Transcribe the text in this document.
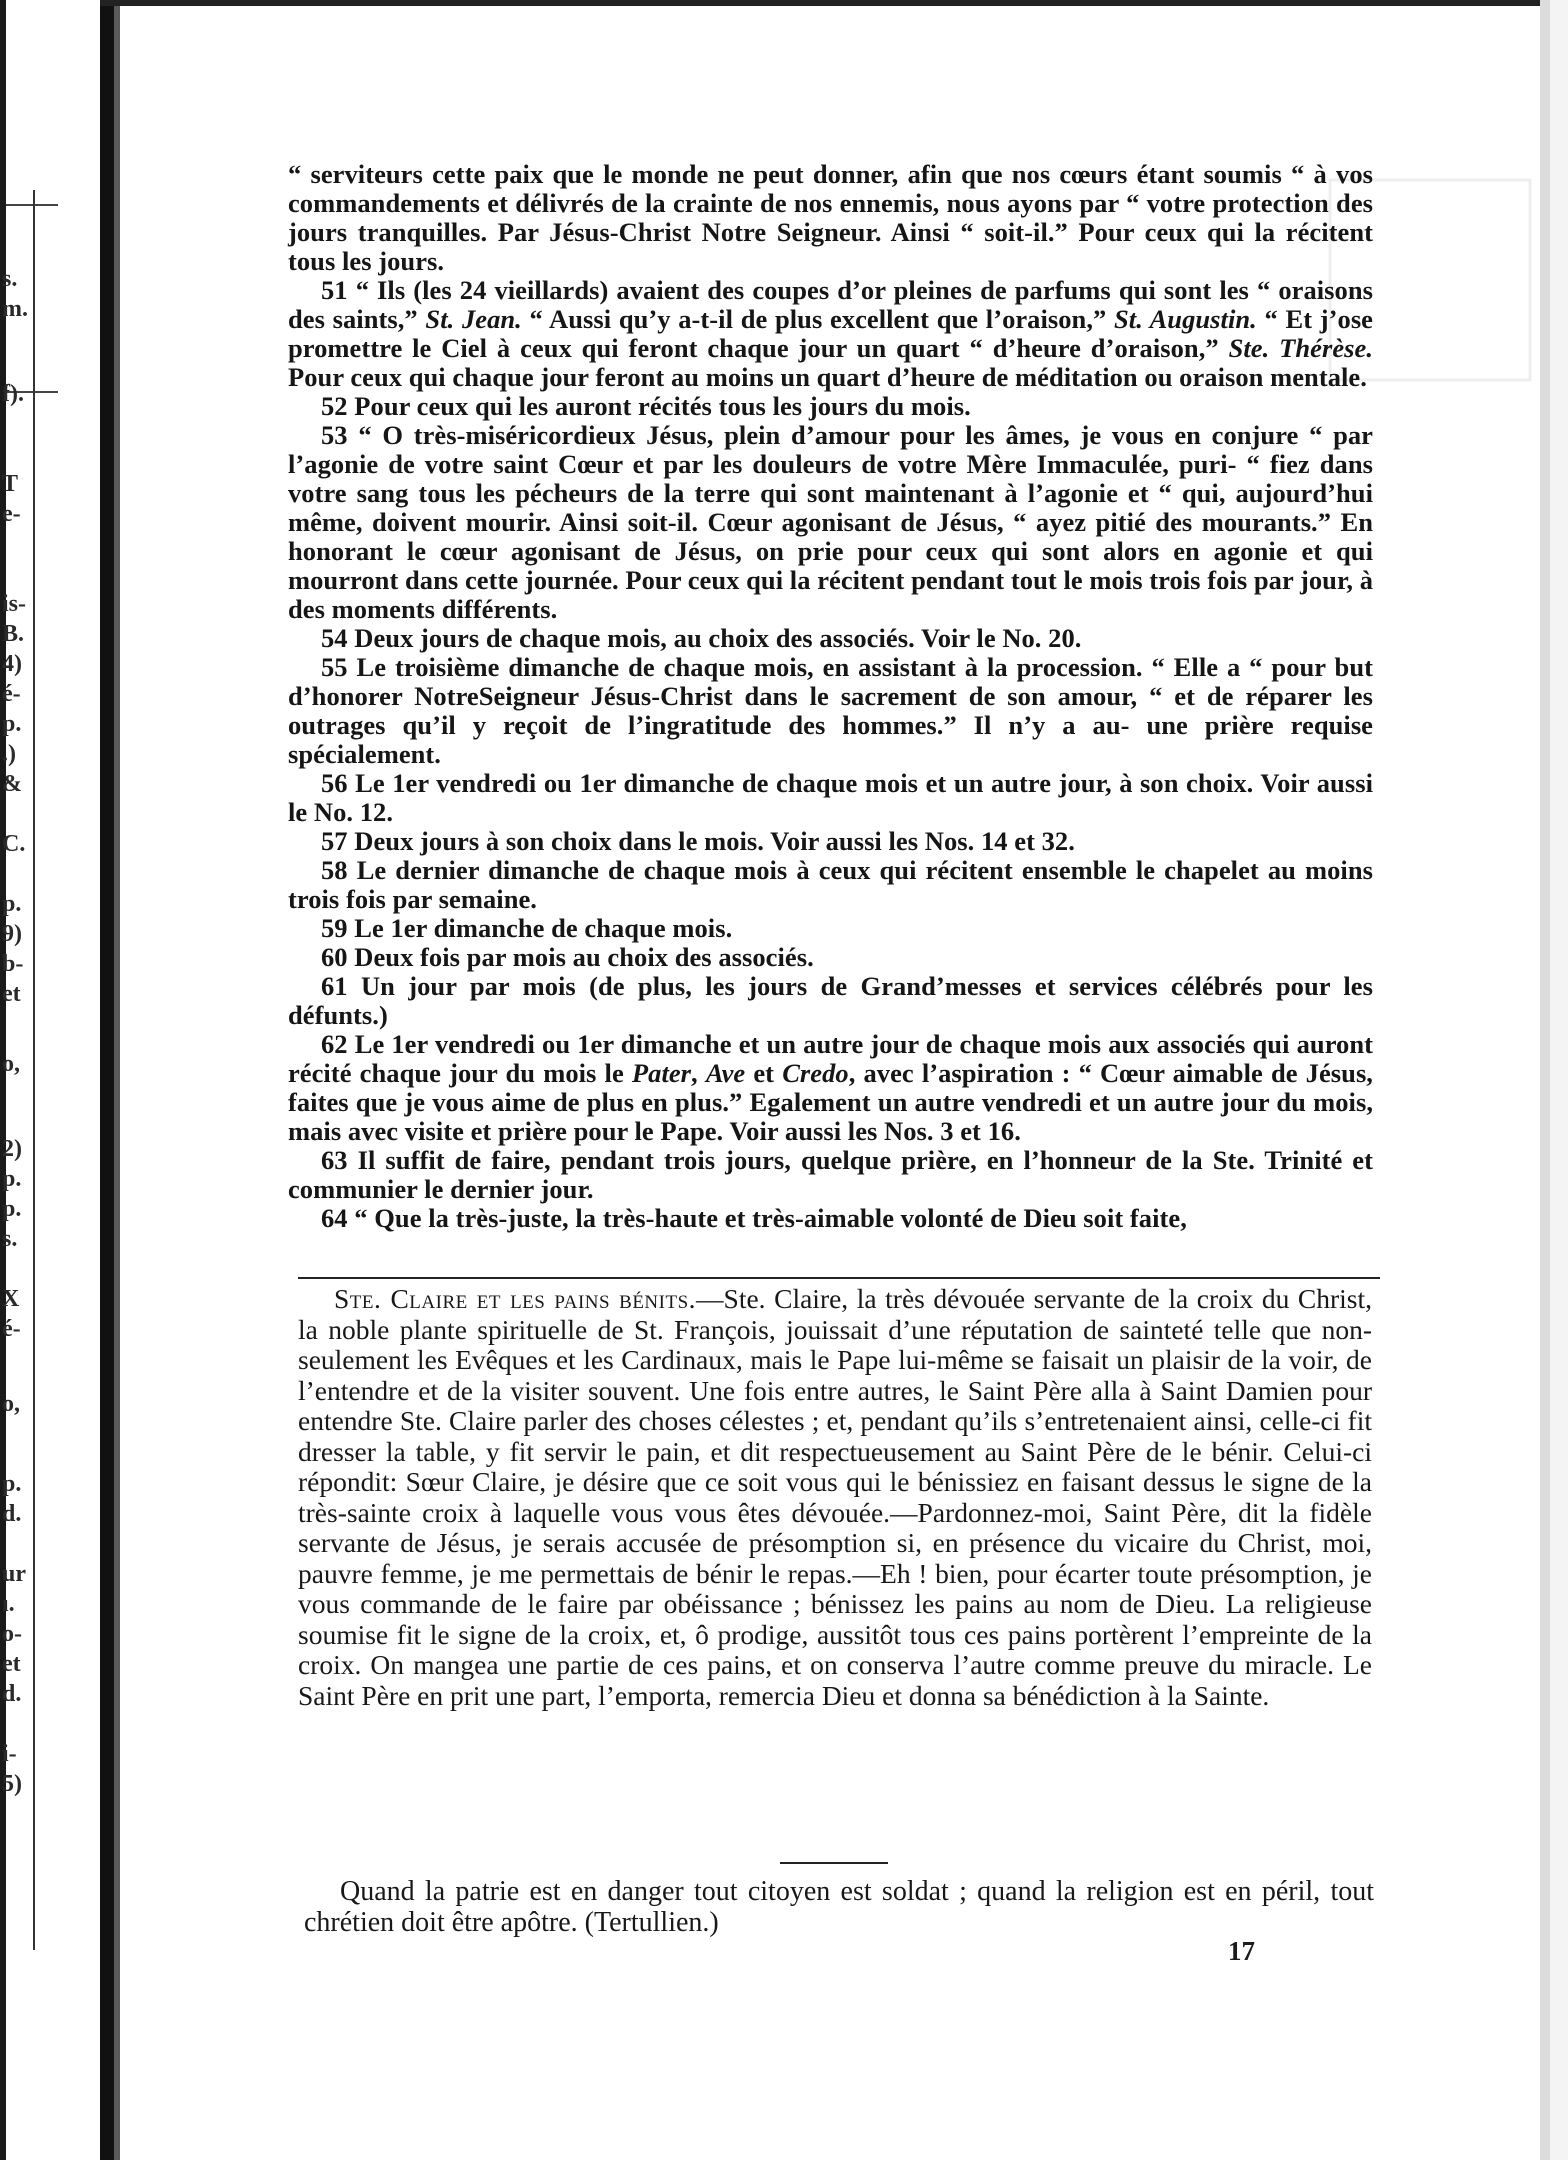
s.
m.
f).
T
e-
is-
B.
4)
é-
p.
.)
&
C.
p.
9)
b-
et
o,
2)
p.
p.
s.
X
é-
o,
p.
d.
ur
ı.
o-
et
d.
i-
5)

“ serviteurs cette paix que le monde ne peut donner, afin que nos cœurs étant soumis “ à vos commandements et délivrés de la crainte de nos ennemis, nous ayons par “ votre protection des jours tranquilles. Par Jésus-Christ Notre Seigneur. Ainsi “ soit-il.” Pour ceux qui la récitent tous les jours.

51 “ Ils (les 24 vieillards) avaient des coupes d’or pleines de parfums qui sont les “ oraisons des saints,” St. Jean. “ Aussi qu’y a-t-il de plus excellent que l’oraison,” St. Augustin. “ Et j’ose promettre le Ciel à ceux qui feront chaque jour un quart “ d’heure d’oraison,” Ste. Thérèse. Pour ceux qui chaque jour feront au moins un quart d’heure de méditation ou oraison mentale.

52 Pour ceux qui les auront récités tous les jours du mois.

53 “ O très-miséricordieux Jésus, plein d’amour pour les âmes, je vous en conjure “ par l’agonie de votre saint Cœur et par les douleurs de votre Mère Immaculée, puri- “ fiez dans votre sang tous les pécheurs de la terre qui sont maintenant à l’agonie et “ qui, aujourd’hui même, doivent mourir. Ainsi soit-il. Cœur agonisant de Jésus, “ ayez pitié des mourants.” En honorant le cœur agonisant de Jésus, on prie pour ceux qui sont alors en agonie et qui mourront dans cette journée. Pour ceux qui la récitent pendant tout le mois trois fois par jour, à des moments différents.

54 Deux jours de chaque mois, au choix des associés. Voir le No. 20.

55 Le troisième dimanche de chaque mois, en assistant à la procession. “ Elle a “ pour but d’honorer NotreSeigneur Jésus-Christ dans le sacrement de son amour, “ et de réparer les outrages qu’il y reçoit de l’ingratitude des hommes.” Il n’y a au- une prière requise spécialement.

56 Le 1er vendredi ou 1er dimanche de chaque mois et un autre jour, à son choix. Voir aussi le No. 12.

57 Deux jours à son choix dans le mois. Voir aussi les Nos. 14 et 32.

58 Le dernier dimanche de chaque mois à ceux qui récitent ensemble le chapelet au moins trois fois par semaine.

59 Le 1er dimanche de chaque mois.

60 Deux fois par mois au choix des associés.

61 Un jour par mois (de plus, les jours de Grand’messes et services célébrés pour les défunts.)

62 Le 1er vendredi ou 1er dimanche et un autre jour de chaque mois aux associés qui auront récité chaque jour du mois le Pater, Ave et Credo, avec l’aspiration : “ Cœur aimable de Jésus, faites que je vous aime de plus en plus.” Egalement un autre vendredi et un autre jour du mois, mais avec visite et prière pour le Pape. Voir aussi les Nos. 3 et 16.

63 Il suffit de faire, pendant trois jours, quelque prière, en l’honneur de la Ste. Trinité et communier le dernier jour.

64 “ Que la très-juste, la très-haute et très-aimable volonté de Dieu soit faite,

Ste. Claire et les pains bénits.—Ste. Claire, la très dévouée servante de la croix du Christ, la noble plante spirituelle de St. François, jouissait d’une réputation de sainteté telle que non-seulement les Evêques et les Cardinaux, mais le Pape lui-même se faisait un plaisir de la voir, de l’entendre et de la visiter souvent. Une fois entre autres, le Saint Père alla à Saint Damien pour entendre Ste. Claire parler des choses célestes ; et, pendant qu’ils s’entretenaient ainsi, celle-ci fit dresser la table, y fit servir le pain, et dit respectueusement au Saint Père de le bénir. Celui-ci répondit: Sœur Claire, je désire que ce soit vous qui le bénissiez en faisant dessus le signe de la très-sainte croix à laquelle vous vous êtes dévouée.—Pardonnez-moi, Saint Père, dit la fidèle servante de Jésus, je serais accusée de présomption si, en présence du vicaire du Christ, moi, pauvre femme, je me permettais de bénir le repas.—Eh ! bien, pour écarter toute présomption, je vous commande de le faire par obéissance ; bénissez les pains au nom de Dieu. La religieuse soumise fit le signe de la croix, et, ô prodige, aussitôt tous ces pains portèrent l’empreinte de la croix. On mangea une partie de ces pains, et on conserva l’autre comme preuve du miracle. Le Saint Père en prit une part, l’emporta, remercia Dieu et donna sa bénédiction à la Sainte.

Quand la patrie est en danger tout citoyen est soldat ; quand la religion est en péril, tout chrétien doit être apôtre. (Tertullien.)

17
